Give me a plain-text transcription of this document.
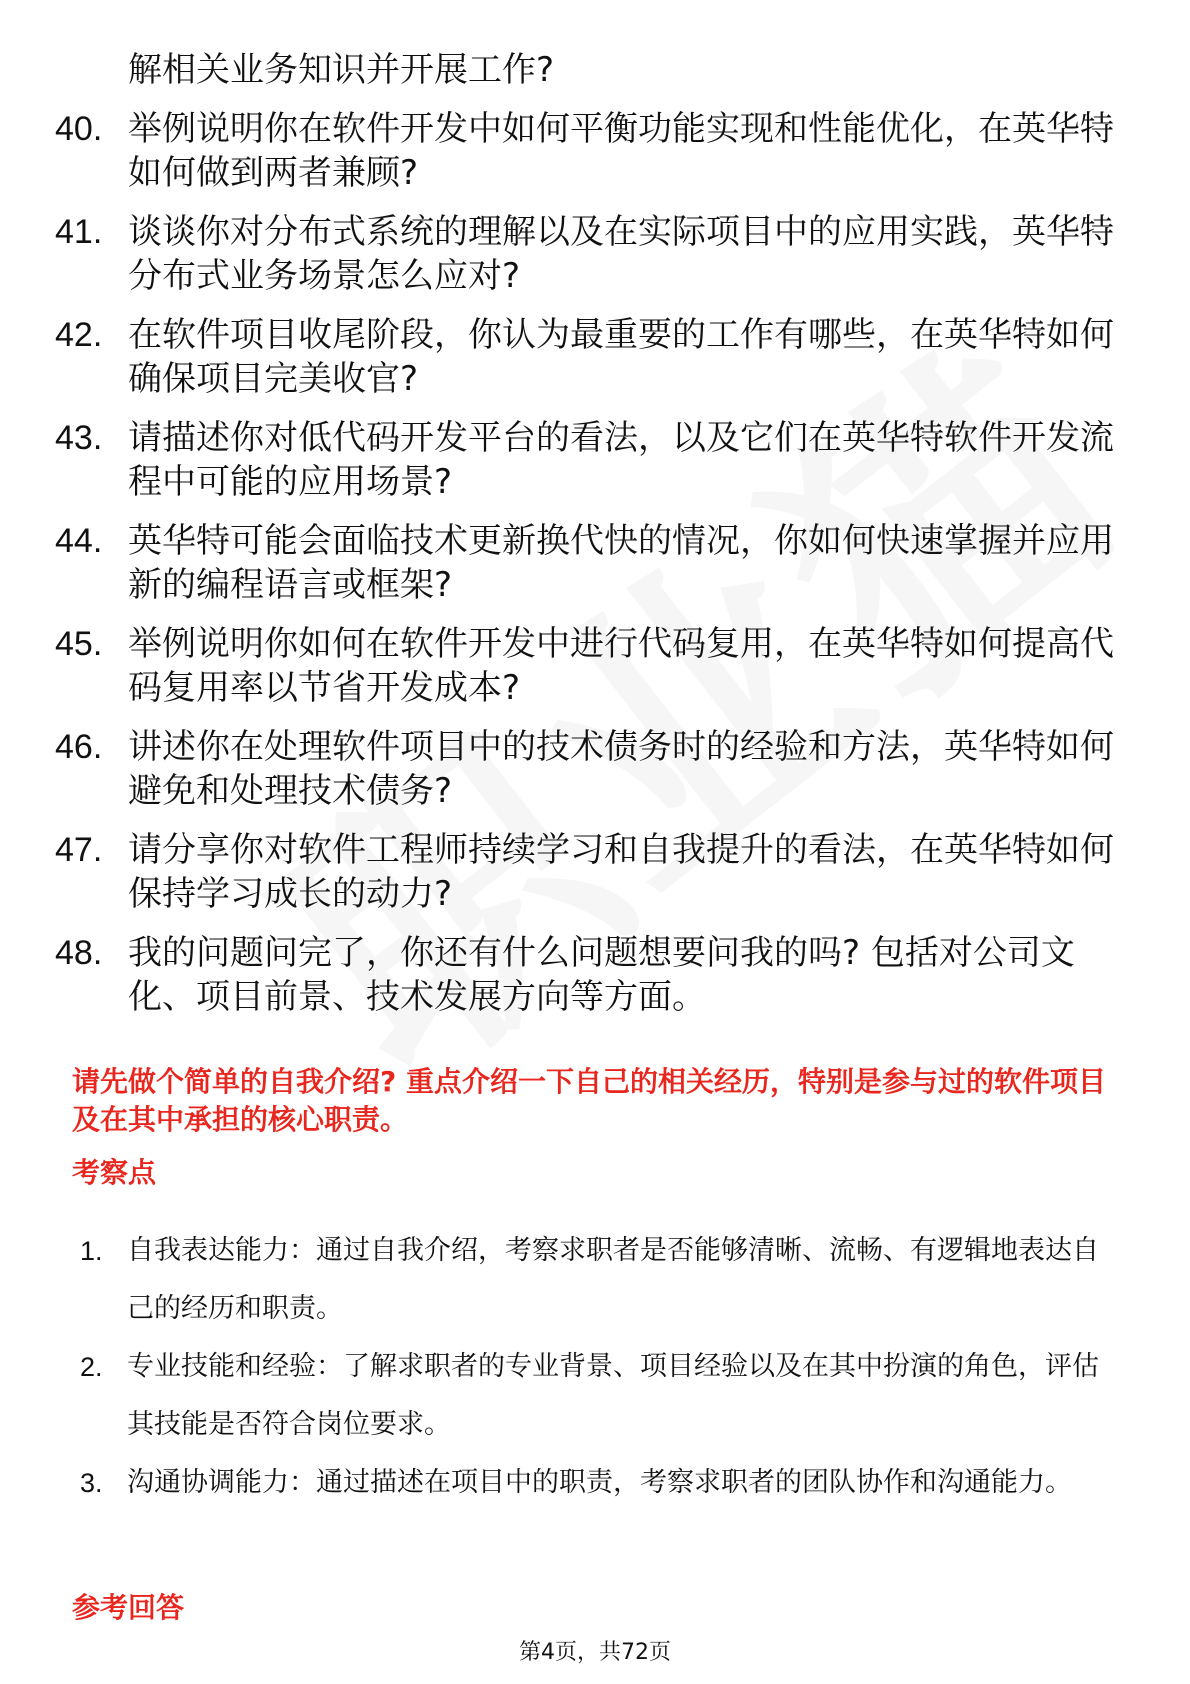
解相关业务知识并开展工作?
40. 举例说明你在软件开发中如何平衡功能实现和性能优化，在英华特如何做到两者兼顾?
41. 谈谈你对分布式系统的理解以及在实际项目中的应用实践，英华特分布式业务场景怎么应对?
42. 在软件项目收尾阶段，你认为最重要的工作有哪些，在英华特如何确保项目完美收官?
43. 请描述你对低代码开发平台的看法，以及它们在英华特软件开发流程中可能的应用场景?
44. 英华特可能会面临技术更新换代快的情况，你如何快速掌握并应用新的编程语言或框架?
45. 举例说明你如何在软件开发中进行代码复用，在英华特如何提高代码复用率以节省开发成本?
46. 讲述你在处理软件项目中的技术债务时的经验和方法，英华特如何避免和处理技术债务?
47. 请分享你对软件工程师持续学习和自我提升的看法，在英华特如何保持学习成长的动力?
48. 我的问题问完了，你还有什么问题想要问我的吗? 包括对公司文化、项目前景、技术发展方向等方面。
请先做个简单的自我介绍? 重点介绍一下自己的相关经历，特别是参与过的软件项目及在其中承担的核心职责。
考察点
1. 自我表达能力：通过自我介绍，考察求职者是否能够清晰、流畅、有逻辑地表达自己的经历和职责。
2. 专业技能和经验：了解求职者的专业背景、项目经验以及在其中扮演的角色，评估其技能是否符合岗位要求。
3. 沟通协调能力：通过描述在项目中的职责，考察求职者的团队协作和沟通能力。
参考回答
第4页，共72页
